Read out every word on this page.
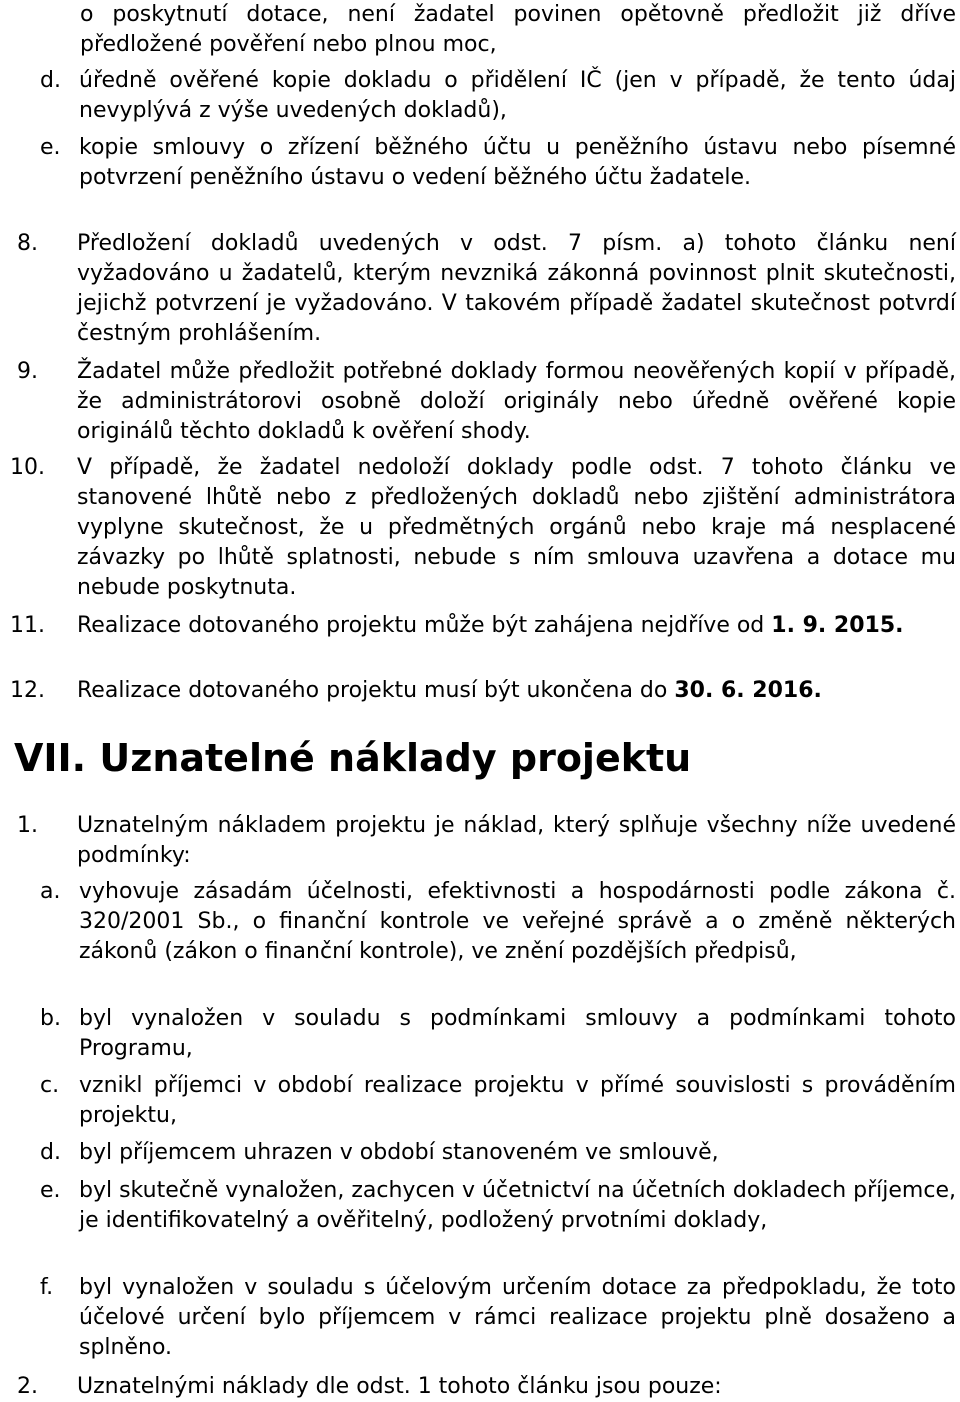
o poskytnutí dotace, není žadatel povinen opětovně předložit již dříve předložené pověření nebo plnou moc,
d. úředně ověřené kopie dokladu o přidělení IČ (jen v případě, že tento údaj nevyplývá z výše uvedených dokladů),
e. kopie smlouvy o zřízení běžného účtu u peněžního ústavu nebo písemné potvrzení peněžního ústavu o vedení běžného účtu žadatele.
8.	Předložení dokladů uvedených v odst. 7 písm. a) tohoto článku není vyžadováno u žadatelů, kterým nevzniká zákonná povinnost plnit skutečnosti, jejichž potvrzení je vyžadováno. V takovém případě žadatel skutečnost potvrdí čestným prohlášením.
9.	Žadatel může předložit potřebné doklady formou neověřených kopií v případě, že administrátorovi osobně doloží originály nebo úředně ověřené kopie originálů těchto dokladů k ověření shody.
10.	V případě, že žadatel nedoloží doklady podle odst. 7 tohoto článku ve stanovené lhůtě nebo z předložených dokladů nebo zjištění administrátora vyplyne skutečnost, že u předmětných orgánů nebo kraje má nesplacené závazky po lhůtě splatnosti, nebude s ním smlouva uzavřena a dotace mu nebude poskytnuta.
11.	Realizace dotovaného projektu může být zahájena nejdříve od 1. 9. 2015.
12.	Realizace dotovaného projektu musí být ukončena do 30. 6. 2016.
VII. Uznatelné náklady projektu
1.	Uznatelným nákladem projektu je náklad, který splňuje všechny níže uvedené podmínky:
a. vyhovuje zásadám účelnosti, efektivnosti a hospodárnosti podle zákona č. 320/2001 Sb., o finanční kontrole ve veřejné správě a o změně některých zákonů (zákon o finanční kontrole), ve znění pozdějších předpisů,
b. byl vynaložen v souladu s podmínkami smlouvy a podmínkami tohoto Programu,
c. vznikl příjemci v období realizace projektu v přímé souvislosti s prováděním projektu,
d. byl příjemcem uhrazen v období stanoveném ve smlouvě,
e. byl skutečně vynaložen, zachycen v účetnictví na účetních dokladech příjemce, je identifikovatelný a ověřitelný, podložený prvotními doklady,
f.	byl vynaložen v souladu s účelovým určením dotace za předpokladu, že toto účelové určení bylo příjemcem v rámci realizace projektu plně dosaženo a splněno.
2.	Uznatelnými náklady dle odst. 1 tohoto článku jsou pouze:
